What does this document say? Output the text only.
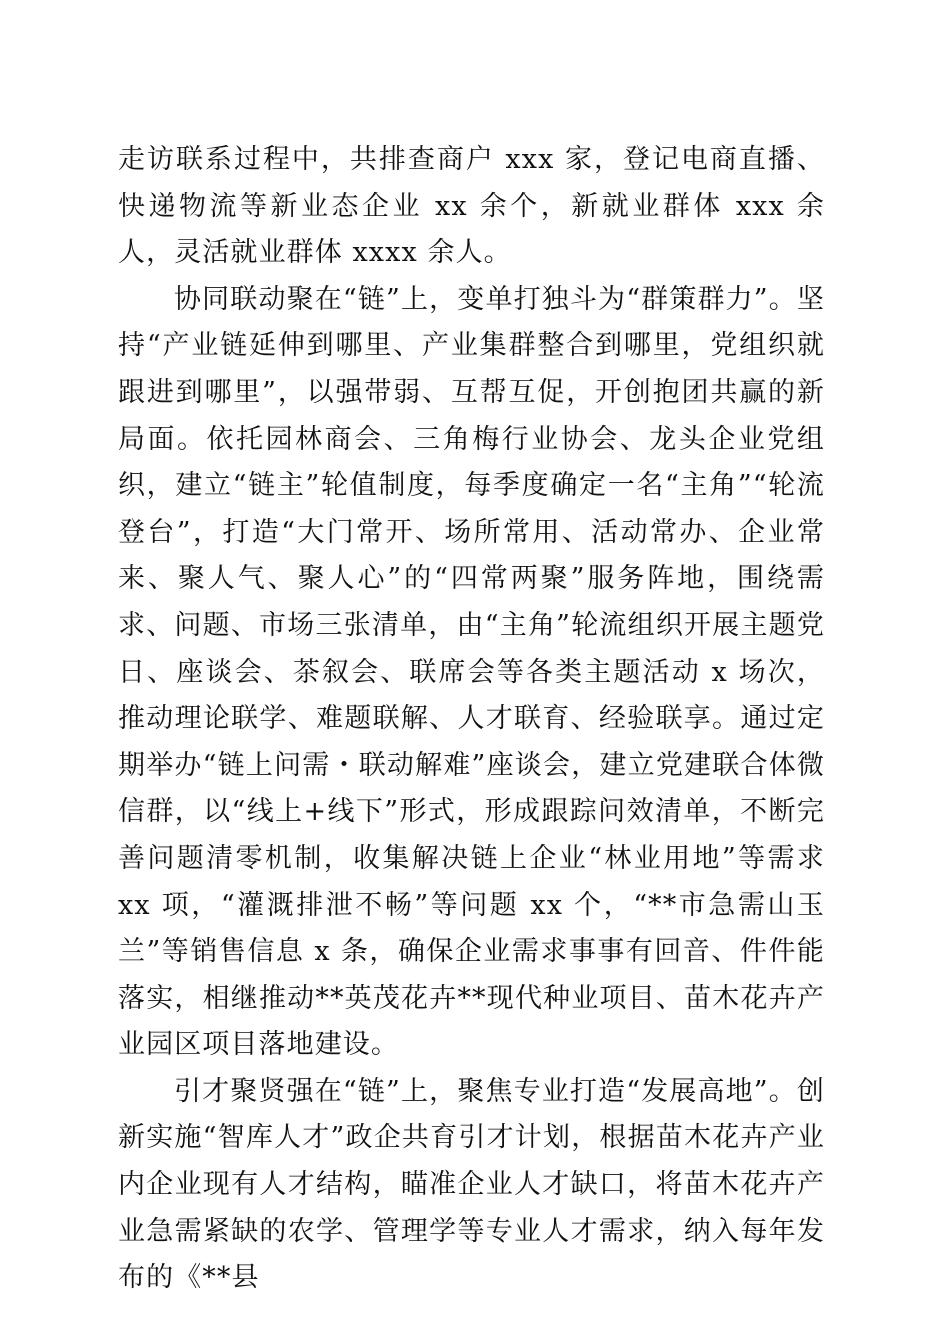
走访联系过程中，共排查商户 xxx 家，登记电商直播、快递物流等新业态企业 xx 余个，新就业群体 xxx 余人，灵活就业群体 xxxx 余人。

协同联动聚在“链”上，变单打独斗为“群策群力”。坚持“产业链延伸到哪里、产业集群整合到哪里，党组织就跟进到哪里”，以强带弱、互帮互促，开创抱团共赢的新局面。依托园林商会、三角梅行业协会、龙头企业党组织，建立“链主”轮值制度，每季度确定一名“主角”“轮流登台”，打造“大门常开、场所常用、活动常办、企业常来、聚人气、聚人心”的“四常两聚”服务阵地，围绕需求、问题、市场三张清单，由“主角”轮流组织开展主题党日、座谈会、茶叙会、联席会等各类主题活动 x 场次，推动理论联学、难题联解、人才联育、经验联享。通过定期举办“链上问需・联动解难”座谈会，建立党建联合体微信群，以“线上+线下”形式，形成跟踪问效清单，不断完善问题清零机制，收集解决链上企业“林业用地”等需求 xx 项，“灌溉排泄不畅”等问题 xx 个，“**市急需山玉兰”等销售信息 x 条，确保企业需求事事有回音、件件能落实，相继推动**英茂花卉**现代种业项目、苗木花卉产业园区项目落地建设。

引才聚贤强在“链”上，聚焦专业打造“发展高地”。创新实施“智库人才”政企共育引才计划，根据苗木花卉产业内企业现有人才结构，瞄准企业人才缺口，将苗木花卉产业急需紧缺的农学、管理学等专业人才需求，纳入每年发布的《**县
